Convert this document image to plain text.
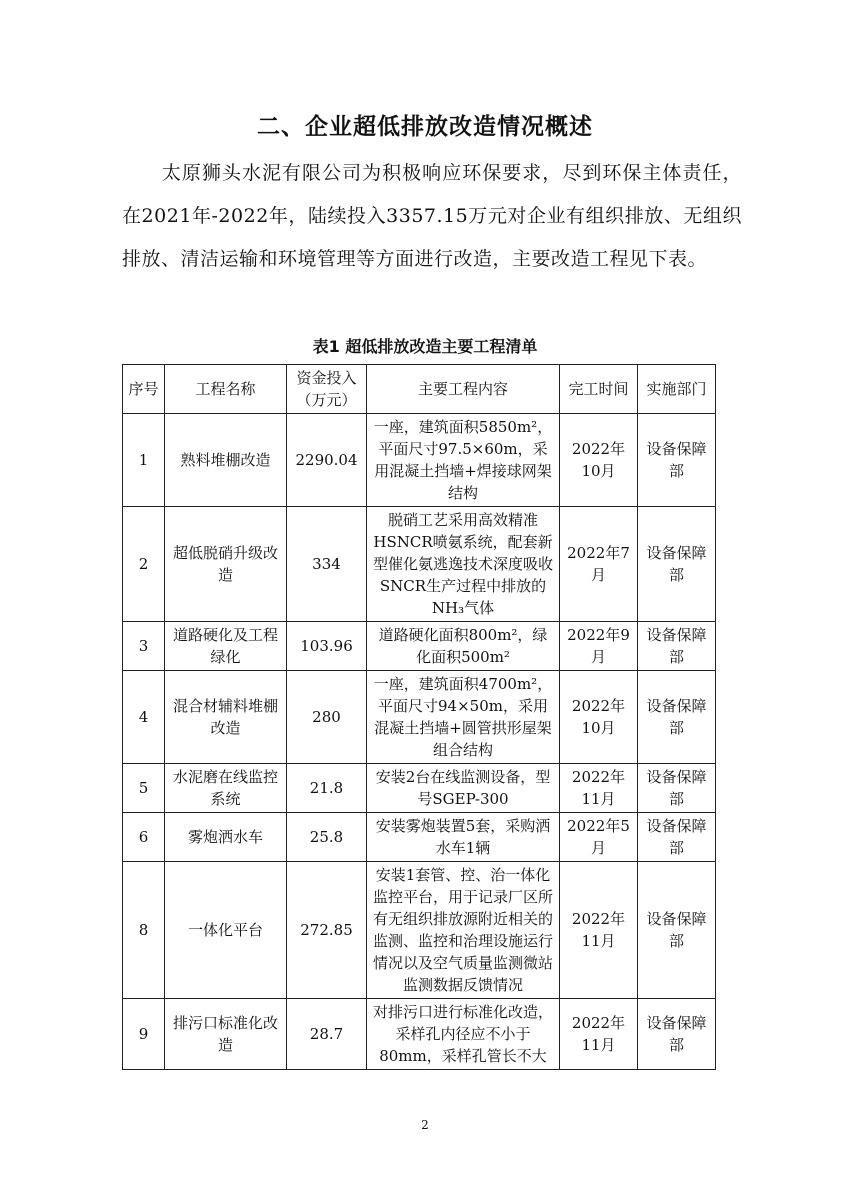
二、企业超低排放改造情况概述
太原狮头水泥有限公司为积极响应环保要求，尽到环保主体责任，在2021年-2022年，陆续投入3357.15万元对企业有组织排放、无组织排放、清洁运输和环境管理等方面进行改造，主要改造工程见下表。
表1 超低排放改造主要工程清单
序号	工程名称	资金投入（万元）	主要工程内容	完工时间	实施部门
1	熟料堆棚改造	2290.04	一座，建筑面积5850m²，平面尺寸97.5×60m，采用混凝土挡墙+焊接球网架结构	2022年10月	设备保障部
2	超低脱硝升级改造	334	脱硝工艺采用高效精准HSNCR喷氨系统，配套新型催化氨逃逸技术深度吸收SNCR生产过程中排放的NH₃气体	2022年7月	设备保障部
3	道路硬化及工程绿化	103.96	道路硬化面积800m²，绿化面积500m²	2022年9月	设备保障部
4	混合材辅料堆棚改造	280	一座，建筑面积4700m²，平面尺寸94×50m，采用混凝土挡墙+圆管拱形屋架组合结构	2022年10月	设备保障部
5	水泥磨在线监控系统	21.8	安装2台在线监测设备，型号SGEP-300	2022年11月	设备保障部
6	雾炮洒水车	25.8	安装雾炮装置5套，采购洒水车1辆	2022年5月	设备保障部
8	一体化平台	272.85	安装1套管、控、治一体化监控平台，用于记录厂区所有无组织排放源附近相关的监测、监控和治理设施运行情况以及空气质量监测微站监测数据反馈情况	2022年11月	设备保障部
9	排污口标准化改造	28.7	对排污口进行标准化改造，采样孔内径应不小于80mm，采样孔管长不大	2022年11月	设备保障部
2
